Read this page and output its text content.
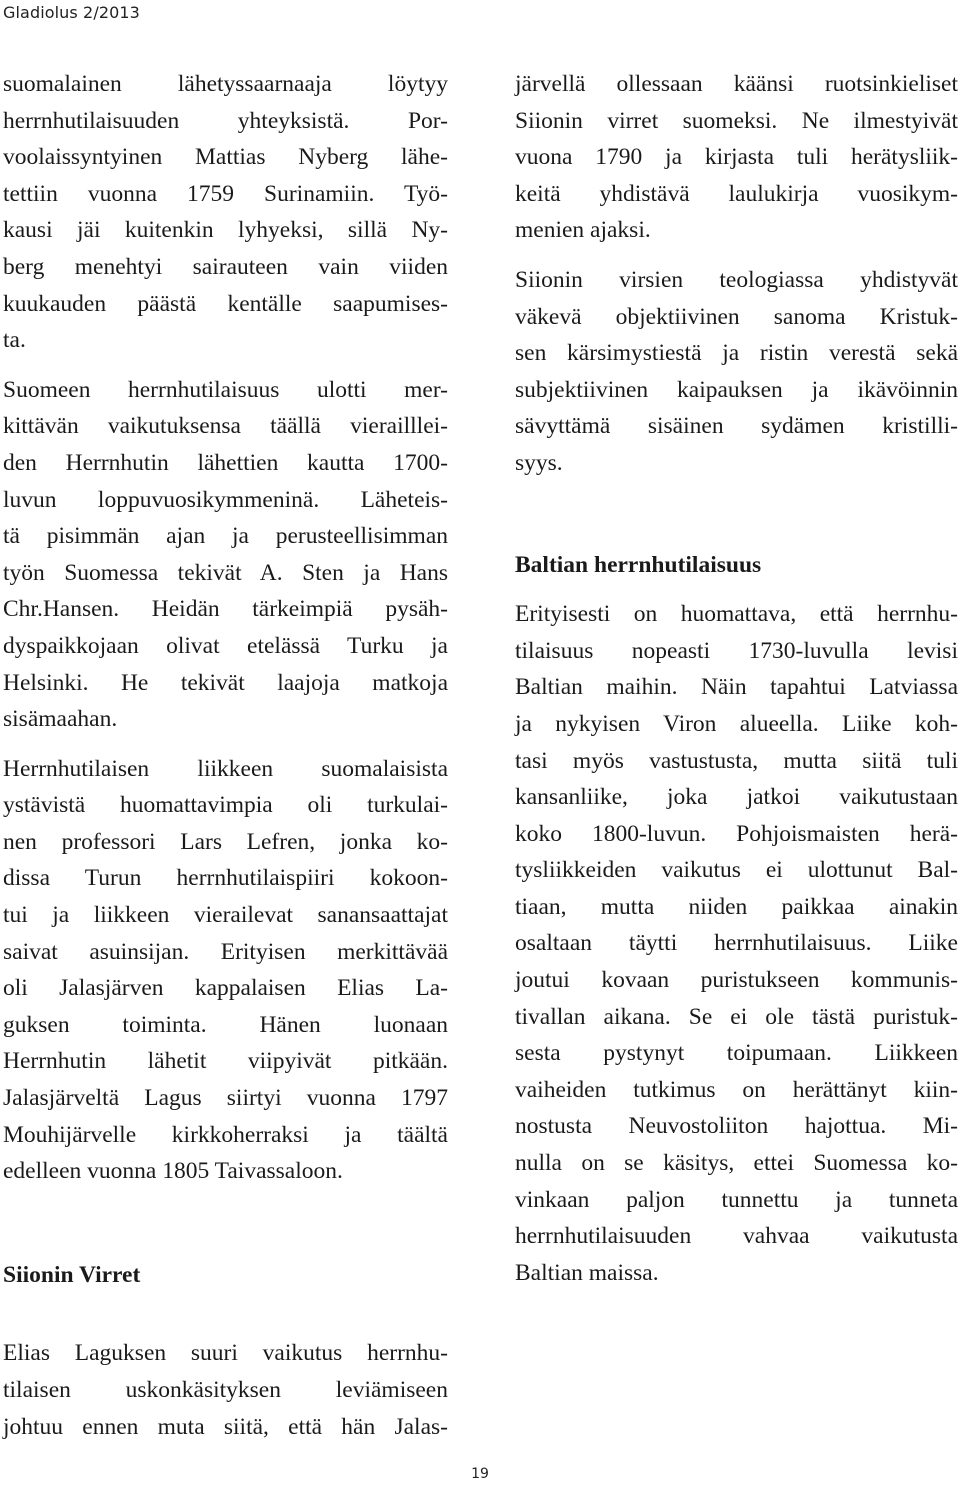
Gladiolus 2/2013
suomalainen lähetyssaarnaaja löytyy
herrnhutilaisuuden yhteyksistä. Por-
voolaissyntyinen Mattias Nyberg lähe-
tettiin vuonna 1759 Surinamiin. Työ-
kausi jäi kuitenkin lyhyeksi, sillä Ny-
berg menehtyi sairauteen vain viiden
kuukauden päästä kentälle saapumises-
ta.
Suomeen herrnhutilaisuus ulotti mer-
kittävän vaikutuksensa täällä vierailllei-
den Herrnhutin lähettien kautta 1700-
luvun loppuvuosikymmeninä. Läheteis-
tä pisimmän ajan ja perusteellisimman
työn Suomessa tekivät A. Sten ja Hans
Chr.Hansen. Heidän tärkeimpiä pysäh-
dyspaikkojaan olivat etelässä Turku ja
Helsinki. He tekivät laajoja matkoja
sisämaahan.
Herrnhutilaisen liikkeen suomalaisista
ystävistä huomattavimpia oli turkulai-
nen professori Lars Lefren, jonka ko-
dissa Turun herrnhutilaispiiri kokoon-
tui ja liikkeen vierailevat sanansaattajat
saivat asuinsijan. Erityisen merkittävää
oli Jalasjärven kappalaisen Elias La-
guksen toiminta. Hänen luonaan
Herrnhutin lähetit viipyivät pitkään.
Jalasjärveltä Lagus siirtyi vuonna 1797
Mouhijärvelle kirkkoherraksi ja täältä
edelleen vuonna 1805 Taivassaloon.
Siionin Virret
Elias Laguksen suuri vaikutus herrnhu-
tilaisen uskonkäsityksen leviämiseen
johtuu ennen muta siitä, että hän Jalas-
järvellä ollessaan käänsi ruotsinkieliset
Siionin virret suomeksi. Ne ilmestyivät
vuona 1790 ja kirjasta tuli herätysliik-
keitä yhdistävä laulukirja vuosikym-
menien ajaksi.
Siionin virsien teologiassa yhdistyvät
väkevä objektiivinen sanoma Kristuk-
sen kärsimystiestä ja ristin verestä sekä
subjektiivinen kaipauksen ja ikävöinnin
sävyttämä sisäinen sydämen kristilli-
syys.
Baltian herrnhutilaisuus
Erityisesti on huomattava, että herrnhu-
tilaisuus nopeasti 1730-luvulla levisi
Baltian maihin. Näin tapahtui Latviassa
ja nykyisen Viron alueella. Liike koh-
tasi myös vastustusta, mutta siitä tuli
kansanliike, joka jatkoi vaikutustaan
koko 1800-luvun. Pohjoismaisten herä-
tysliikkeiden vaikutus ei ulottunut Bal-
tiaan, mutta niiden paikkaa ainakin
osaltaan täytti herrnhutilaisuus. Liike
joutui kovaan puristukseen kommunis-
tivallan aikana. Se ei ole tästä puristuk-
sesta pystynyt toipumaan. Liikkeen
vaiheiden tutkimus on herättänyt kiin-
nostusta Neuvostoliiton hajottua. Mi-
nulla on se käsitys, ettei Suomessa ko-
vinkaan paljon tunnettu ja tunneta
herrnhutilaisuuden vahvaa vaikutusta
Baltian maissa.
19
